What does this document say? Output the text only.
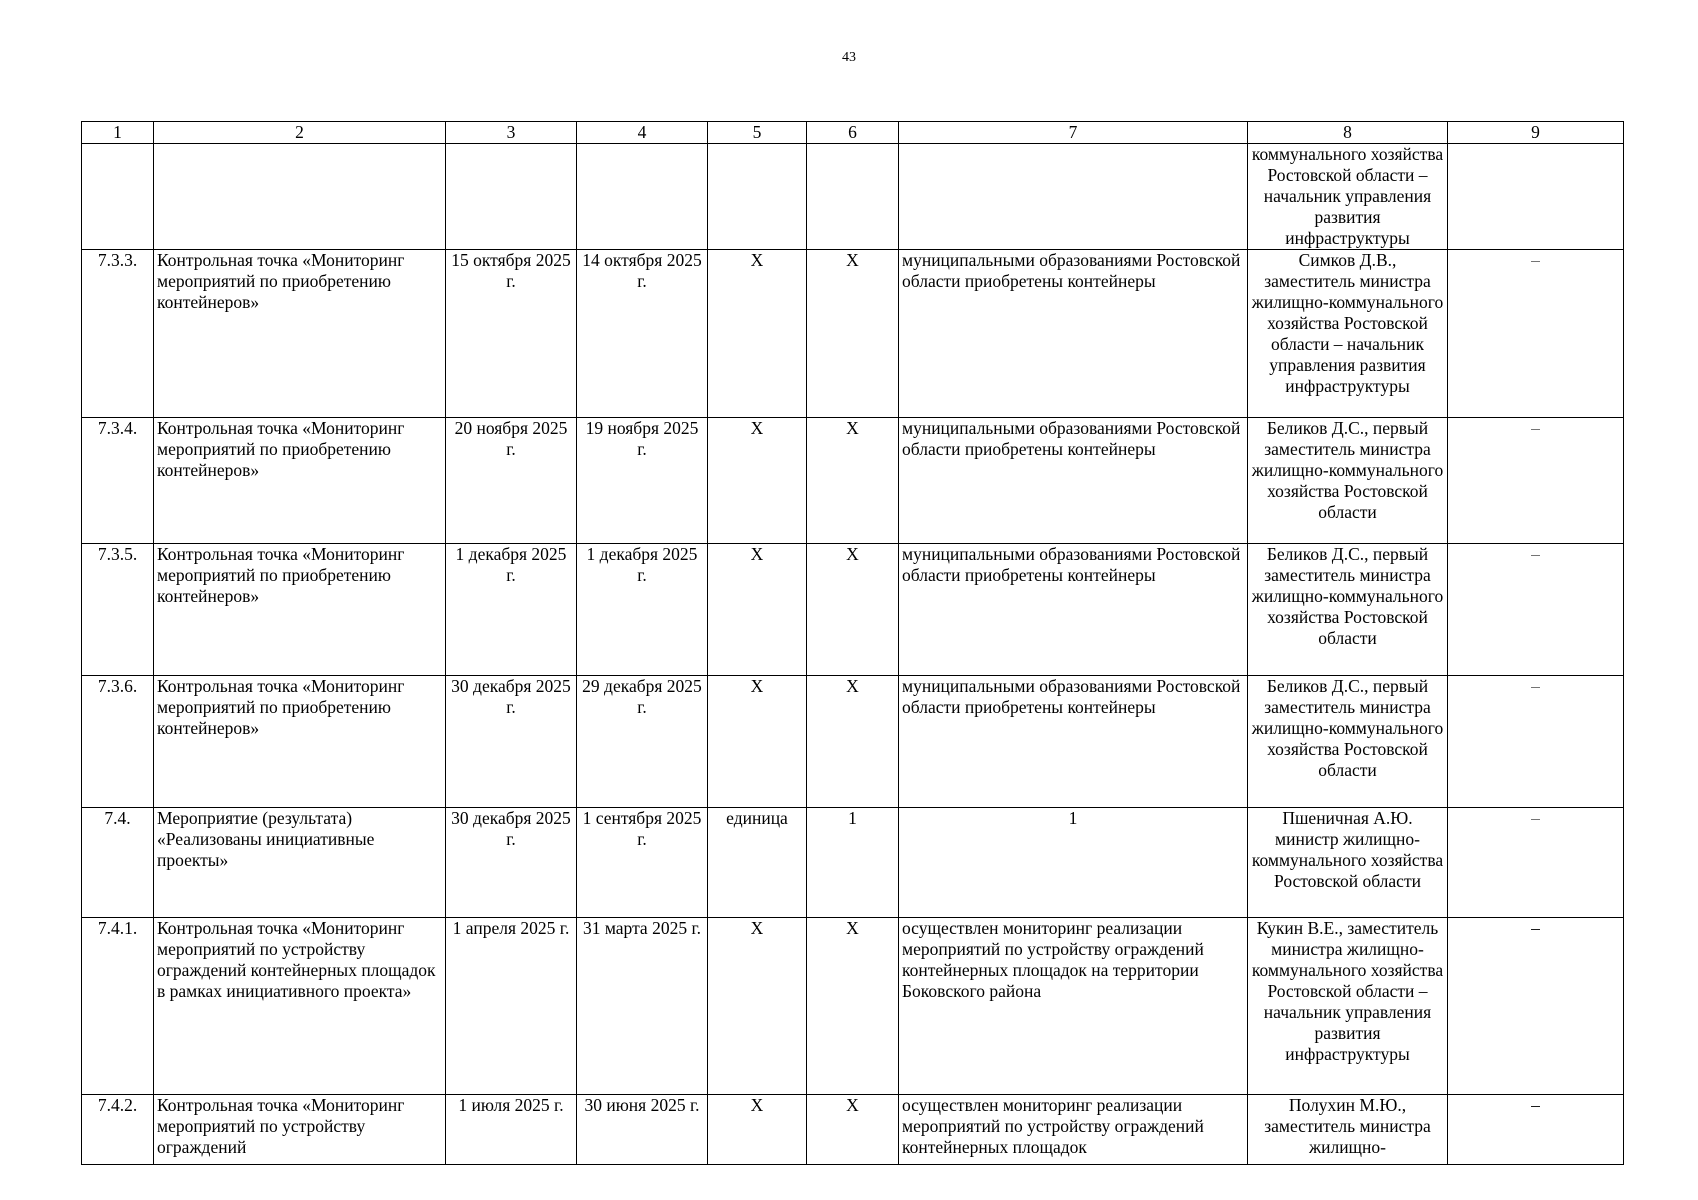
43
1	2	3	4	5	6	7	8	9
							коммунального хозяйства Ростовской области – начальник управления развития инфраструктуры	
7.3.3.	Контрольная точка «Мониторинг мероприятий по приобретению контейнеров»	15 октября 2025 г.	14 октября 2025 г.	X	X	муниципальными образованиями Ростовской области приобретены контейнеры	Симков Д.В., заместитель министра жилищно-коммунального хозяйства Ростовской области – начальник управления развития инфраструктуры	–
7.3.4.	Контрольная точка «Мониторинг мероприятий по приобретению контейнеров»	20 ноября 2025 г.	19 ноября 2025 г.	X	X	муниципальными образованиями Ростовской области приобретены контейнеры	Беликов Д.С., первый заместитель министра жилищно-коммунального хозяйства Ростовской области	–
7.3.5.	Контрольная точка «Мониторинг мероприятий по приобретению контейнеров»	1 декабря 2025 г.	1 декабря 2025 г.	X	X	муниципальными образованиями Ростовской области приобретены контейнеры	Беликов Д.С., первый заместитель министра жилищно-коммунального хозяйства Ростовской области	–
7.3.6.	Контрольная точка «Мониторинг мероприятий по приобретению контейнеров»	30 декабря 2025 г.	29 декабря 2025 г.	X	X	муниципальными образованиями Ростовской области приобретены контейнеры	Беликов Д.С., первый заместитель министра жилищно-коммунального хозяйства Ростовской области	–
7.4.	Мероприятие (результата) «Реализованы инициативные проекты»	30 декабря 2025 г.	1 сентября 2025 г.	единица	1	1	Пшеничная А.Ю. министр жилищно-коммунального хозяйства Ростовской области	–
7.4.1.	Контрольная точка «Мониторинг мероприятий по устройству ограждений контейнерных площадок в рамках инициативного проекта»	1 апреля 2025 г.	31 марта 2025 г.	X	X	осуществлен мониторинг реализации мероприятий по устройству ограждений контейнерных площадок на территории Боковского района	Кукин В.Е., заместитель министра жилищно-коммунального хозяйства Ростовской области – начальник управления развития инфраструктуры	–
7.4.2.	Контрольная точка «Мониторинг мероприятий по устройству ограждений	1 июля 2025 г.	30 июня 2025 г.	X	X	осуществлен мониторинг реализации мероприятий по устройству ограждений контейнерных площадок	Полухин М.Ю., заместитель министра жилищно-	–
